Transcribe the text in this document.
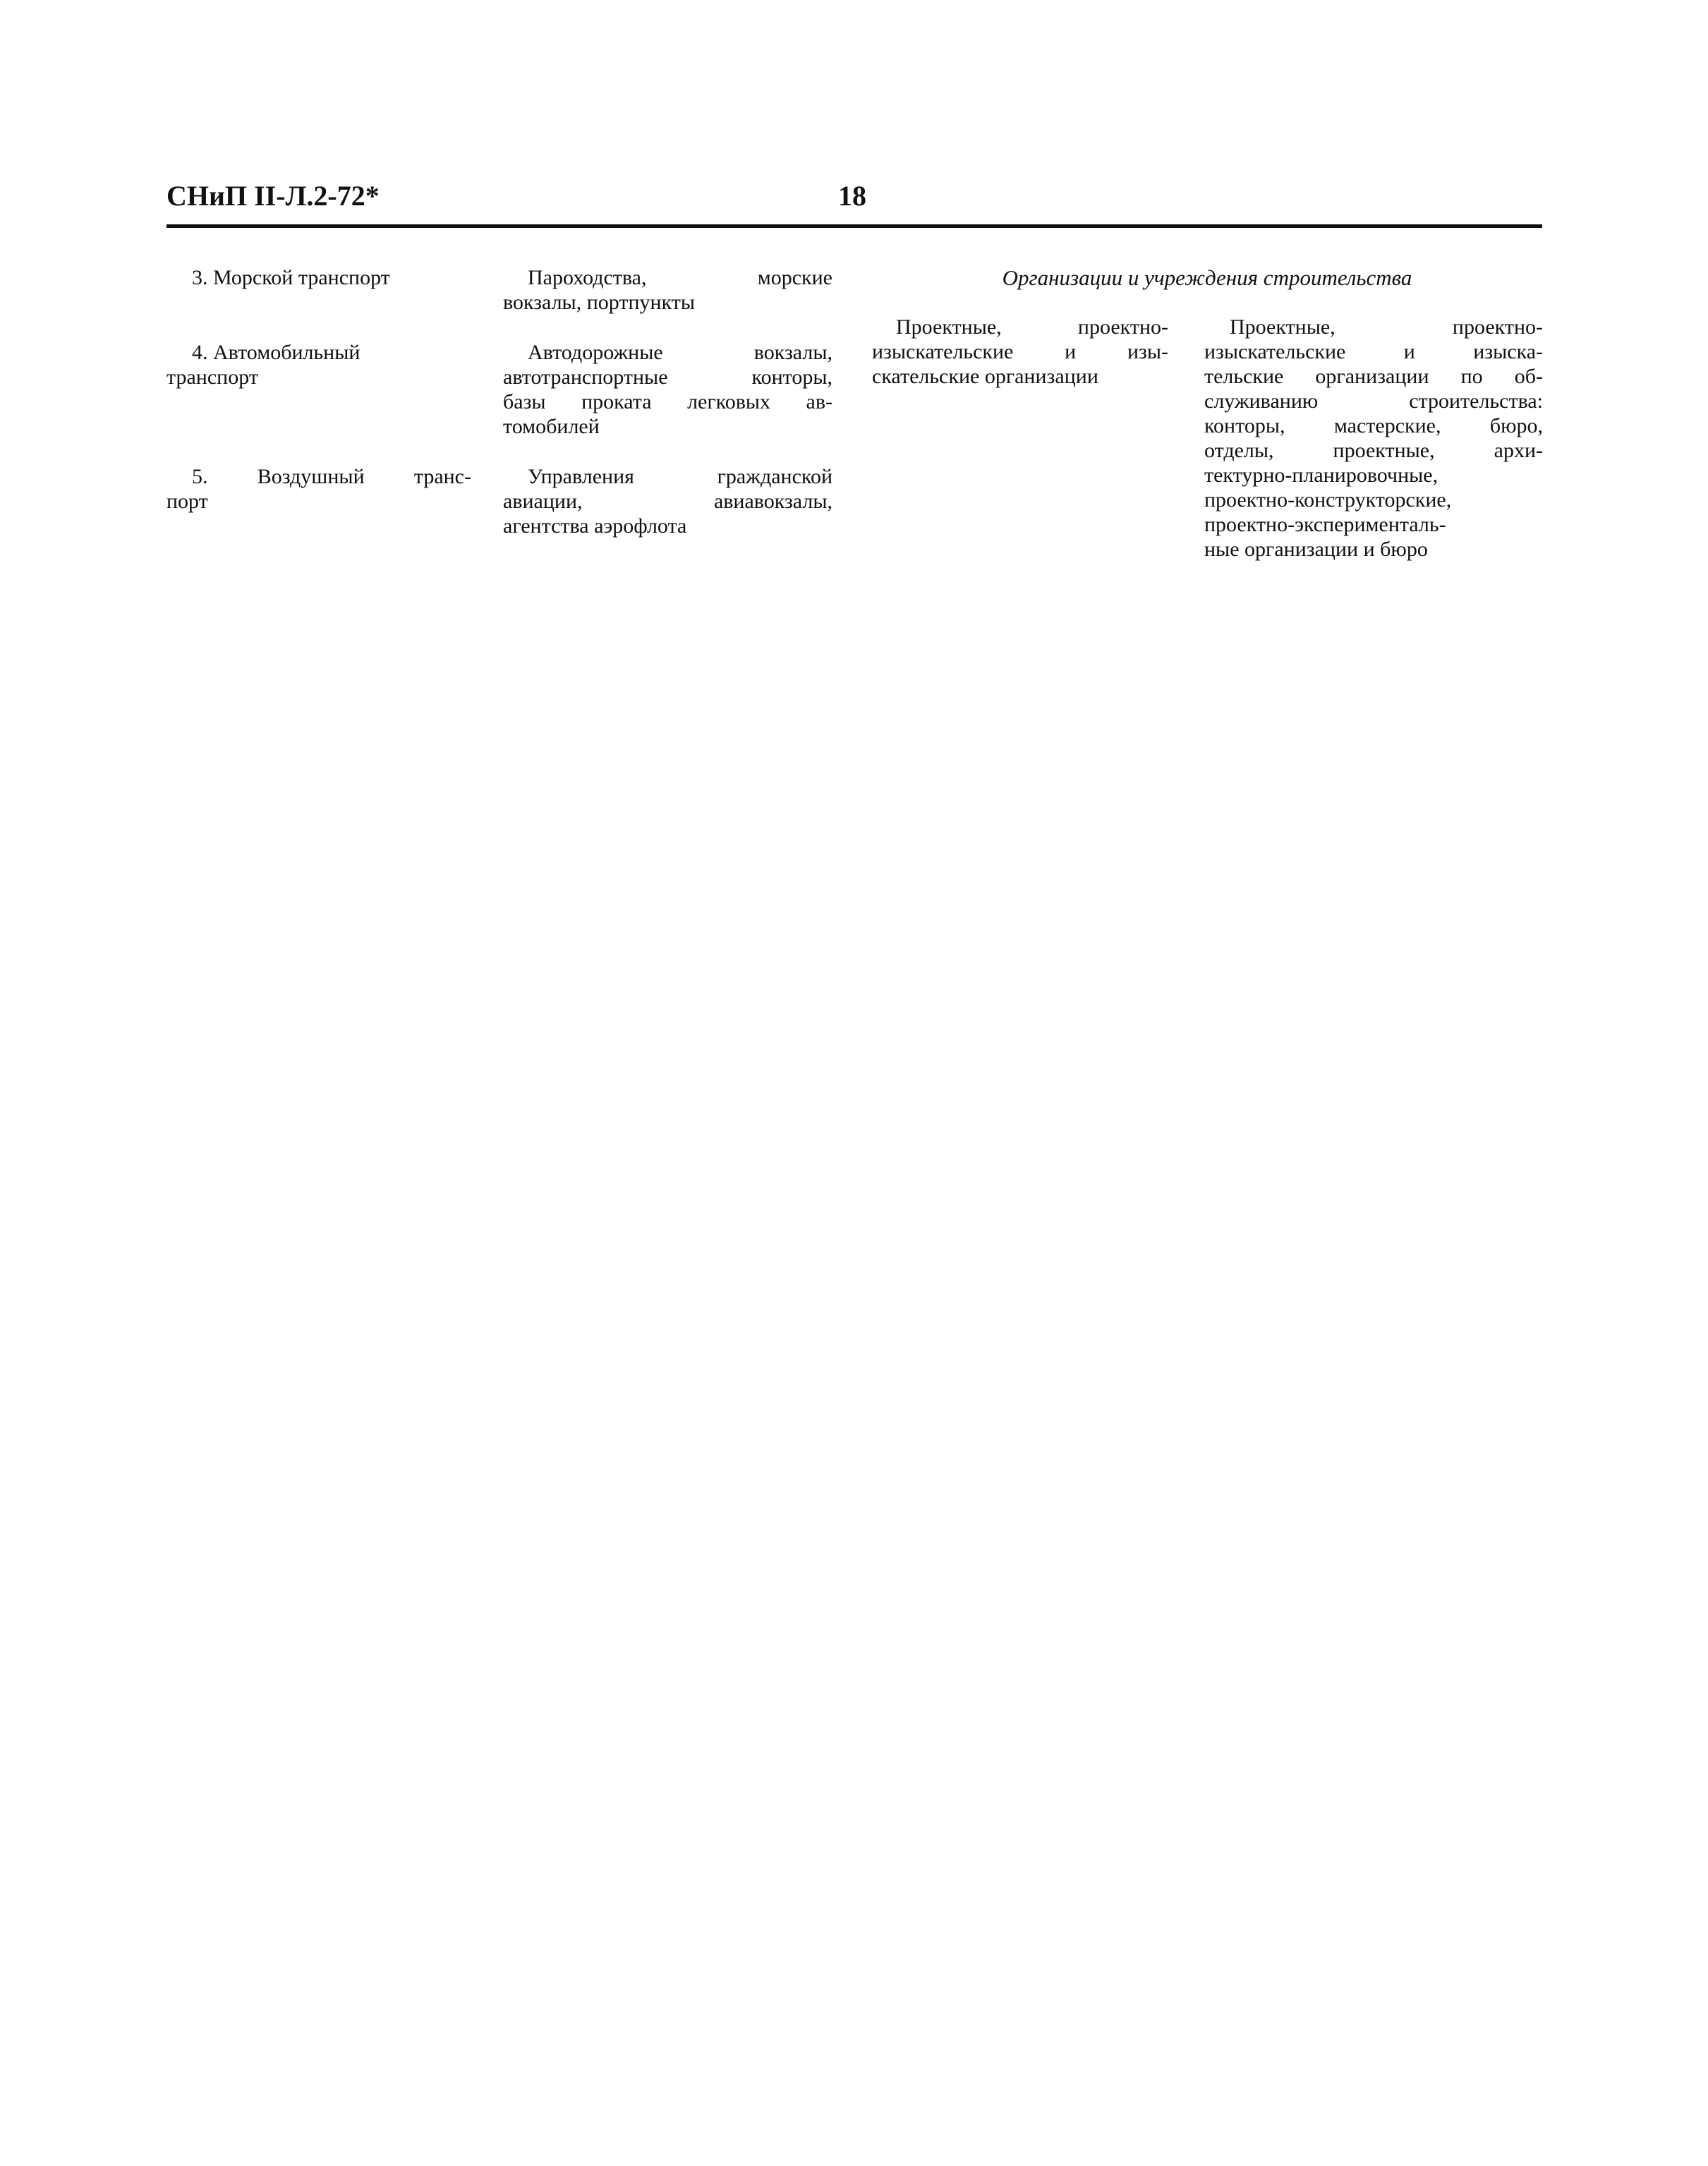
СНиП II-Л.2-72*	18
3. Морской транспорт	Пароходства, морские
вокзалы, портпункты
4. Автомобильный
транспорт
Автодорожные вокзалы,
автотранспортные конторы,
базы проката легковых ав-
томобилей
5. Воздушный транс-
порт
Управления гражданской
авиации, авиавокзалы,
агентства аэрофлота
Организации и учреждения строительства
Проектные, проектно-
изыскательские и изы-
скательские организации
Проектные, проектно-
изыскательские и изыска-
тельские организации по об-
служиванию строительства:
конторы, мастерские, бюро,
отделы, проектные, архи-
тектурно-планировочные,
проектно-конструкторские,
проектно-эксперименталь-
ные организации и бюро
